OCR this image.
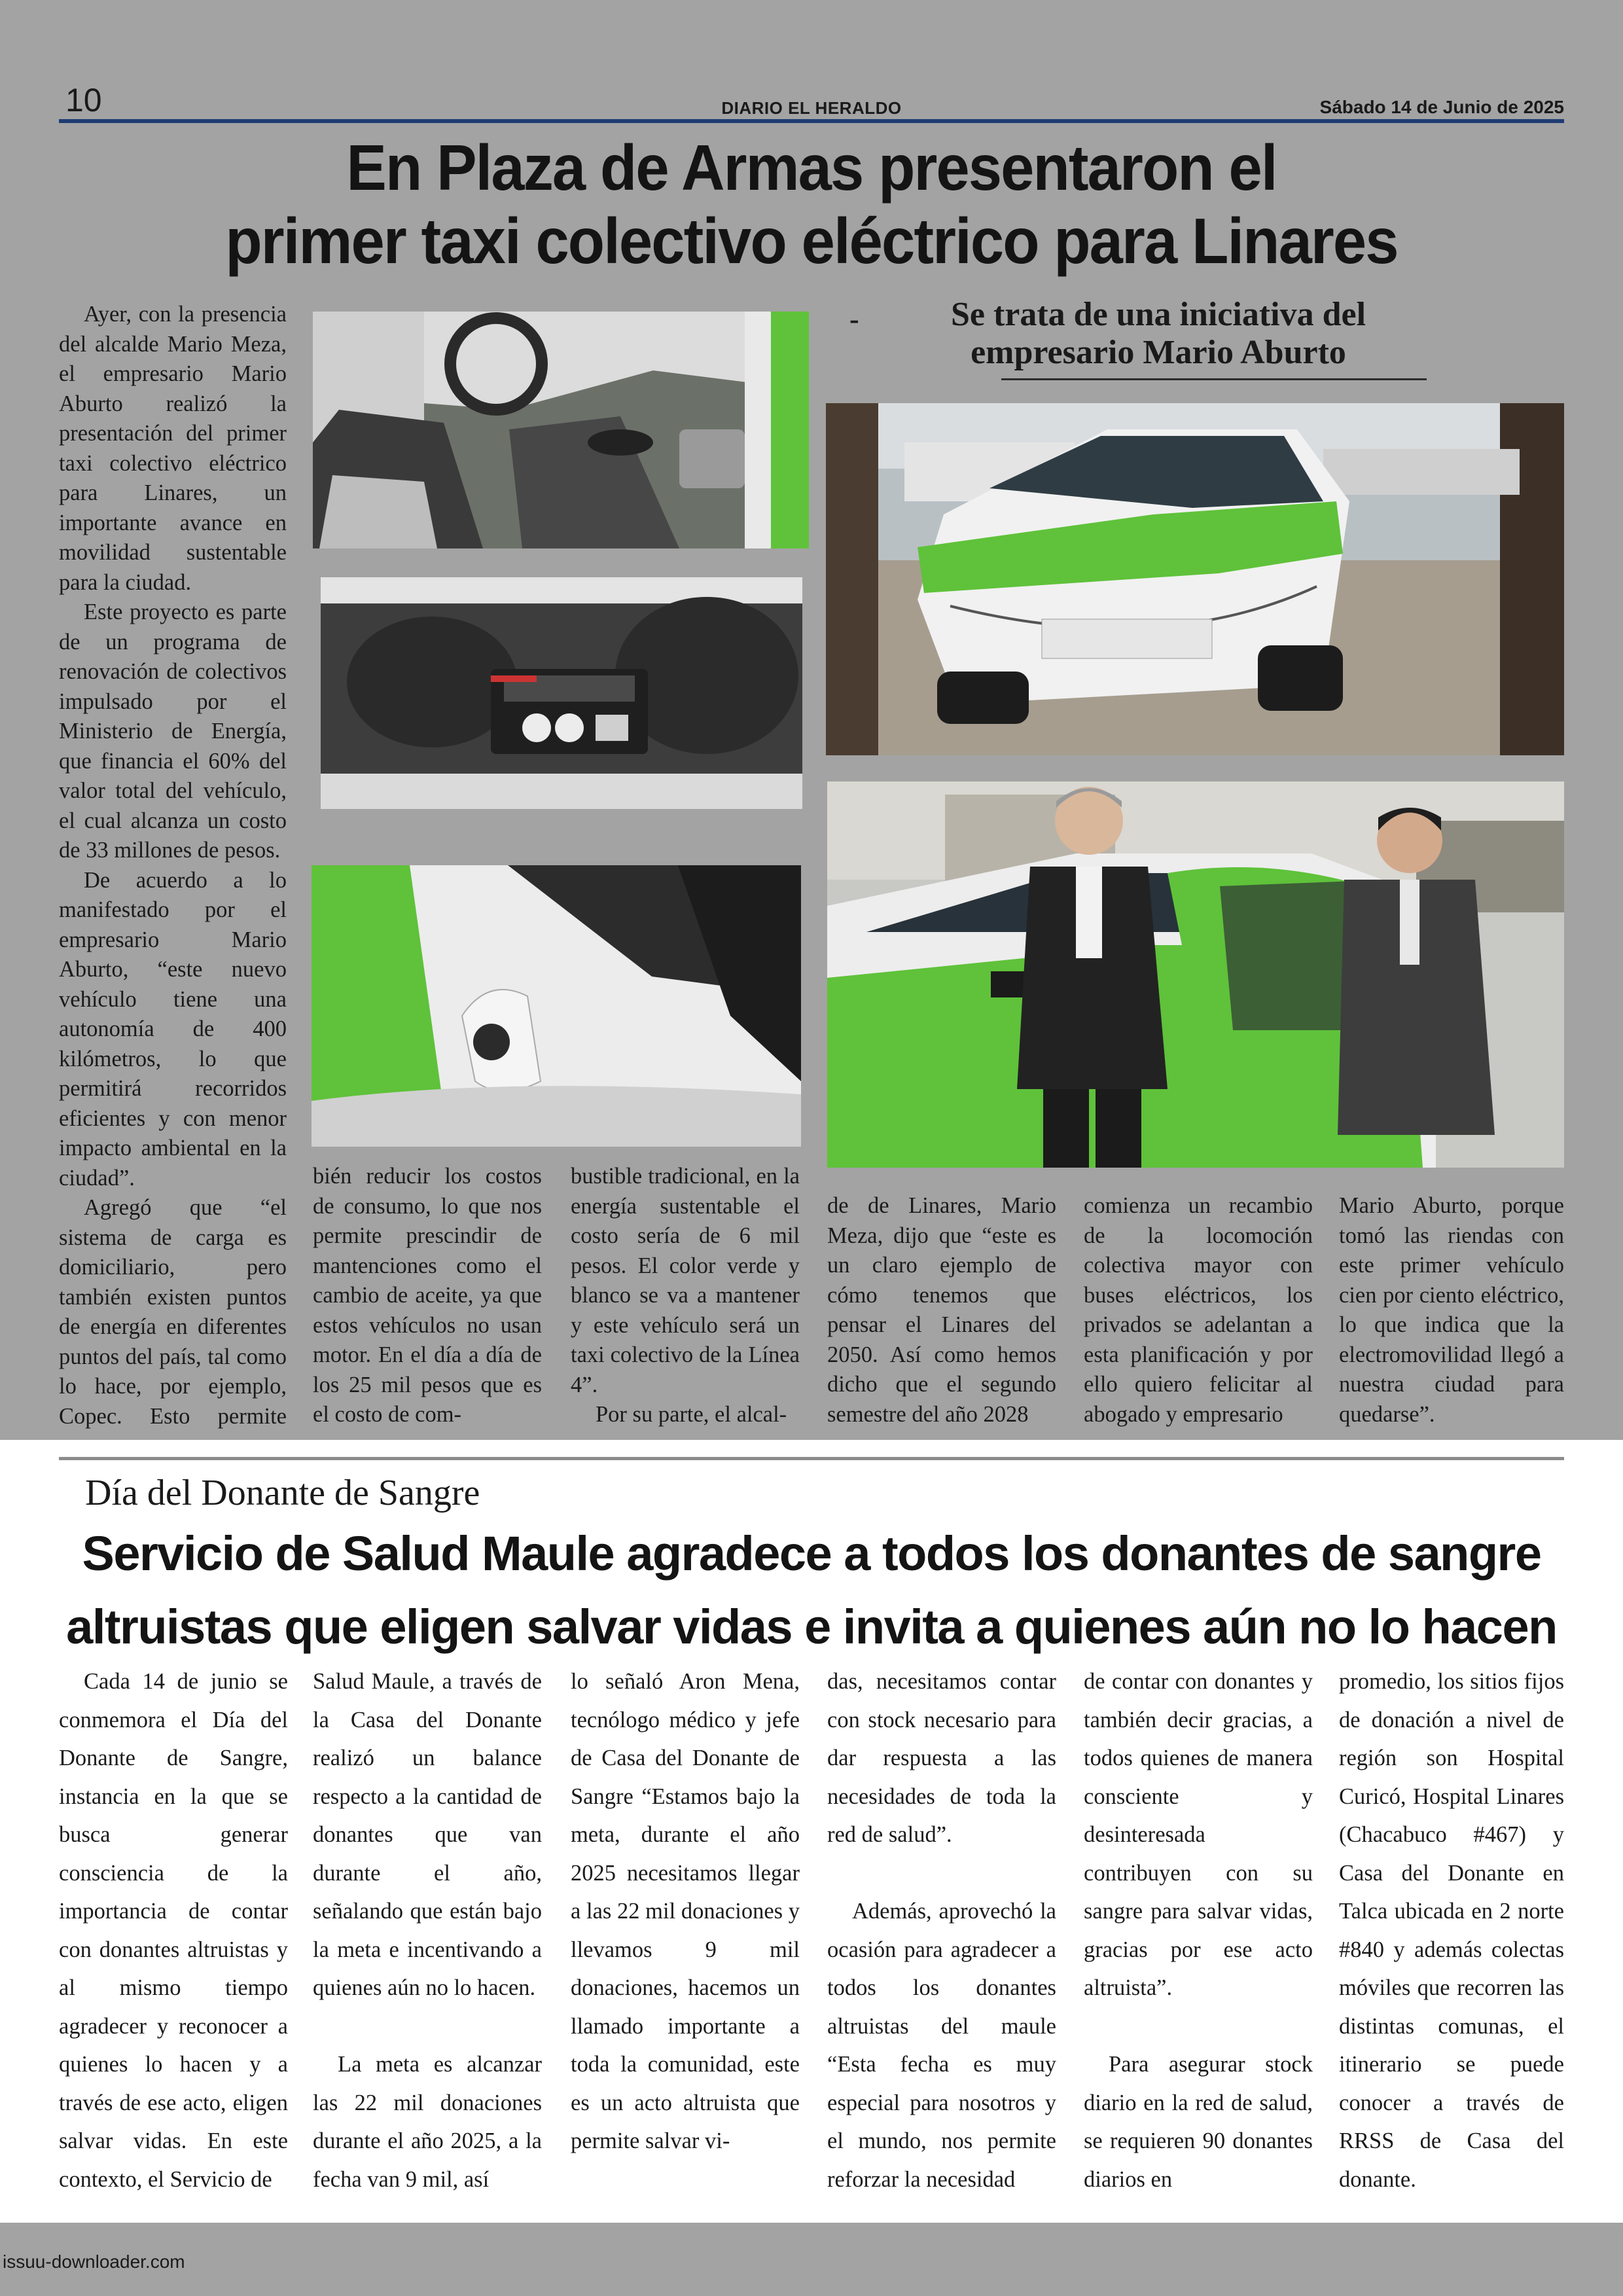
10	DIARIO EL HERALDO	Sábado 14 de Junio de 2025
En Plaza de Armas presentaron el
primer taxi colectivo eléctrico para Linares

Ayer, con la presencia del alcalde Mario Meza, el empresario Mario Aburto realizó la presentación del primer taxi colectivo eléctrico para Linares, un importante avance en movilidad sustentable para la ciudad.

Este proyecto es parte de un programa de renovación de colectivos impulsado por el Ministerio de Energía, que financia el 60% del valor total del vehículo, el cual alcanza un costo de 33 millones de pesos.

De acuerdo a lo manifestado por el empresario Mario Aburto, “este nuevo vehículo tiene una autonomía de 400 kilómetros, lo que permitirá recorridos eficientes y con menor impacto ambiental en la ciudad”.

Agregó que “el sistema de carga es domiciliario, pero también existen puntos de energía en diferentes puntos del país, tal como lo hace, por ejemplo, Copec. Esto permite

-	Se trata de una iniciativa del
empresario Mario Aburto

bién reducir los costos de consumo, lo que nos permite prescindir de mantenciones como el cambio de aceite, ya que estos vehículos no usan motor. En el día a día de los 25 mil pesos que es el costo de com-

bustible tradicional, en la energía sustentable el costo sería de 6 mil pesos. El color verde y blanco se va a mantener y este vehículo será un taxi colectivo de la Línea 4”.

Por su parte, el alcal-

de de Linares, Mario Meza, dijo que “este es un claro ejemplo de cómo tenemos que pensar el Linares del 2050. Así como hemos dicho que el segundo semestre del año 2028

comienza un recambio de la locomoción colectiva mayor con buses eléctricos, los privados se adelantan a esta planificación y por ello quiero felicitar al abogado y empresario

Mario Aburto, porque tomó las riendas con este primer vehículo cien por ciento eléctrico, lo que indica que la electromovilidad llegó a nuestra ciudad para quedarse”.

Día del Donante de Sangre
Servicio de Salud Maule agradece a todos los donantes de sangre
altruistas que eligen salvar vidas e invita a quienes aún no lo hacen

Cada 14 de junio se conmemora el Día del Donante de Sangre, instancia en la que se busca generar consciencia de la importancia de contar con donantes altruistas y al mismo tiempo agradecer y reconocer a quienes lo hacen y a través de ese acto, eligen salvar vidas. En este contexto, el Servicio de

Salud Maule, a través de la Casa del Donante realizó un balance respecto a la cantidad de donantes que van durante el año, señalando que están bajo la meta e incentivando a quienes aún no lo hacen.

La meta es alcanzar las 22 mil donaciones durante el año 2025, a la fecha van 9 mil, así

lo señaló Aron Mena, tecnólogo médico y jefe de Casa del Donante de Sangre “Estamos bajo la meta, durante el año 2025 necesitamos llegar a las 22 mil donaciones y llevamos 9 mil donaciones, hacemos un llamado importante a toda la comunidad, este es un acto altruista que permite salvar vi-

das, necesitamos contar con stock necesario para dar respuesta a las necesidades de toda la red de salud”.

Además, aprovechó la ocasión para agradecer a todos los donantes altruistas del maule “Esta fecha es muy especial para nosotros y el mundo, nos permite reforzar la necesidad

de contar con donantes y también decir gracias, a todos quienes de manera consciente y desinteresada contribuyen con su sangre para salvar vidas, gracias por ese acto altruista”.

Para asegurar stock diario en la red de salud, se requieren 90 donantes diarios en

promedio, los sitios fijos de donación a nivel de región son Hospital Curicó, Hospital Linares (Chacabuco #467) y Casa del Donante en Talca ubicada en 2 norte #840 y además colectas móviles que recorren las distintas comunas, el itinerario se puede conocer a través de RRSS de Casa del donante.

issuu-downloader.com
